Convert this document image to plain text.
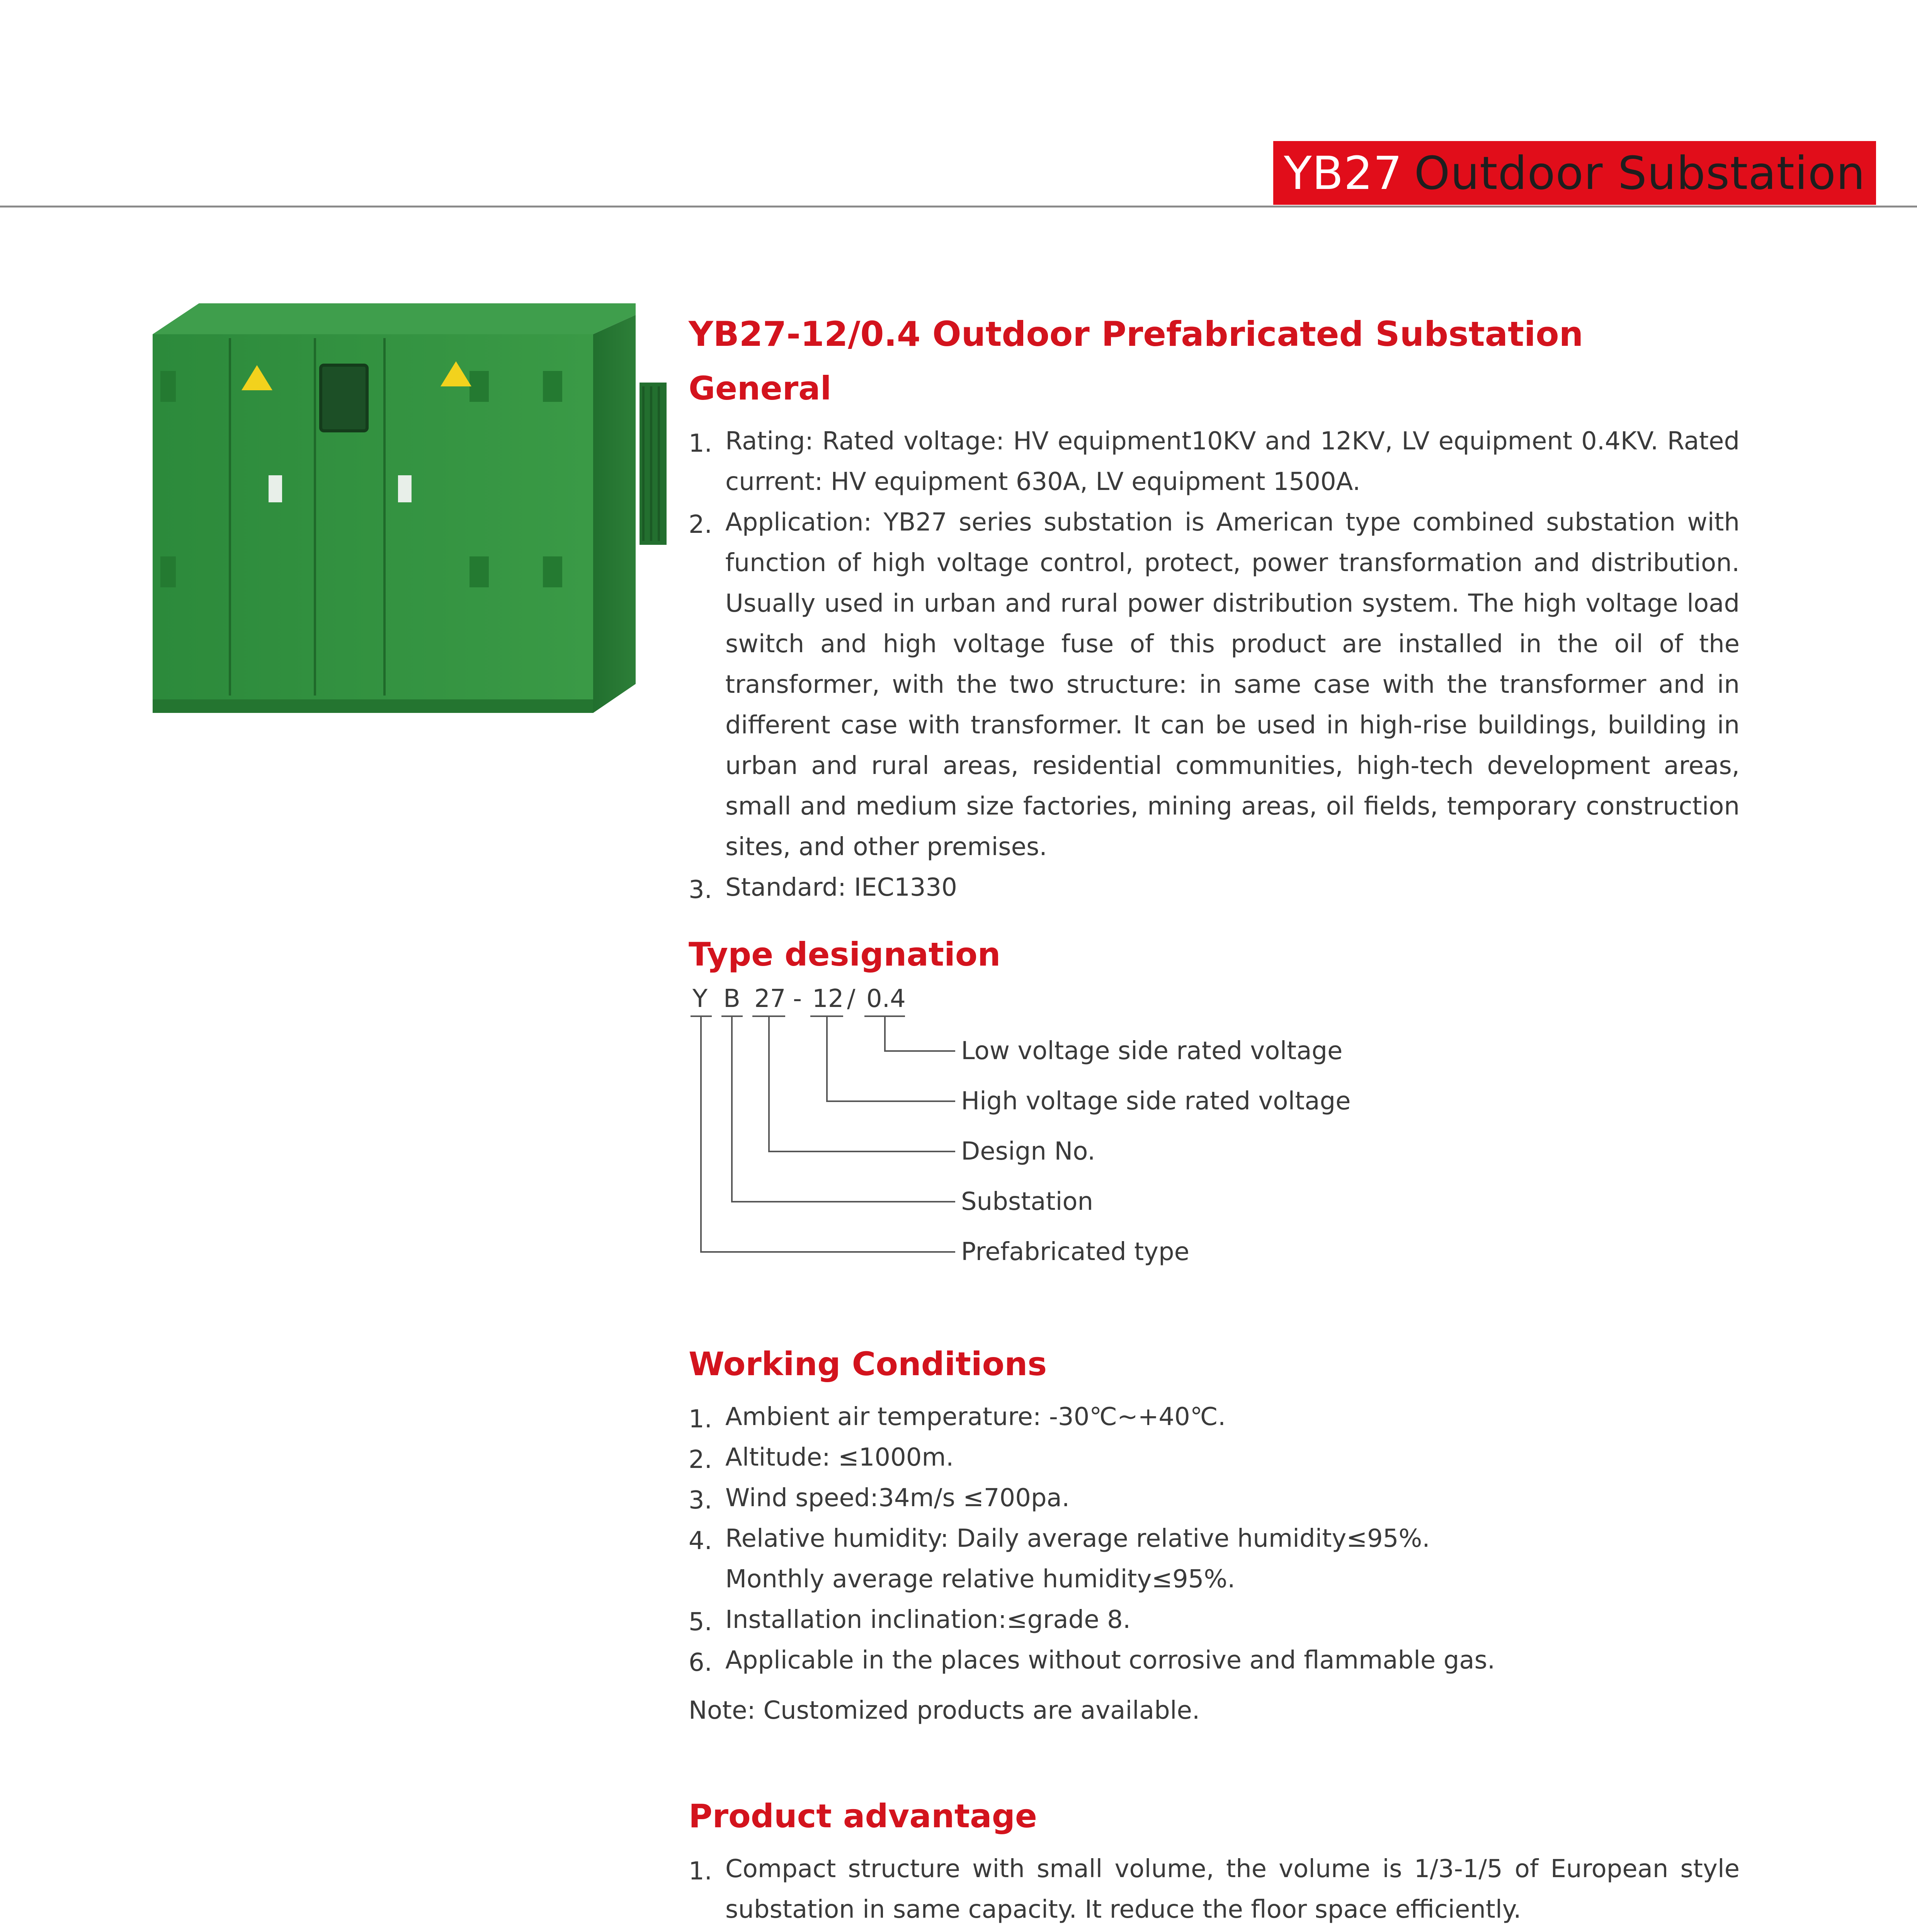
YB27 Outdoor Substation
YB27-12/0.4 Outdoor Prefabricated Substation
General
1. Rating: Rated voltage: HV equipment10KV and 12KV, LV equipment 0.4KV. Rated current: HV equipment 630A, LV equipment 1500A.
2. Application: YB27 series substation is American type combined substation with function of high voltage control, protect, power transformation and distribution. Usually used in urban and rural power distribution system. The high voltage load switch and high voltage fuse of this product are installed in the oil of the transformer, with the two structure: in same case with the transformer and in different case with transformer. It can be used in high-rise buildings, building in urban and rural areas, residential communities, high-tech development areas, small and medium size factories, mining areas, oil fields, temporary construction sites, and other premises.
3. Standard: IEC1330
Type designation
Y B 27 - 12 / 0.4
Low voltage side rated voltage
High voltage side rated voltage
Design No.
Substation
Prefabricated type
Working Conditions
1. Ambient air temperature: -30℃~+40℃.
2. Altitude: ≤1000m.
3. Wind speed:34m/s ≤700pa.
4. Relative humidity: Daily average relative humidity≤95%.
Monthly average relative humidity≤95%.
5. Installation inclination:≤grade 8.
6. Applicable in the places without corrosive and flammable gas.

Note: Customized products are available.

Product advantage
1. Compact structure with small volume, the volume is 1/3-1/5 of European style substation in same capacity. It reduce the floor space efficiently.
